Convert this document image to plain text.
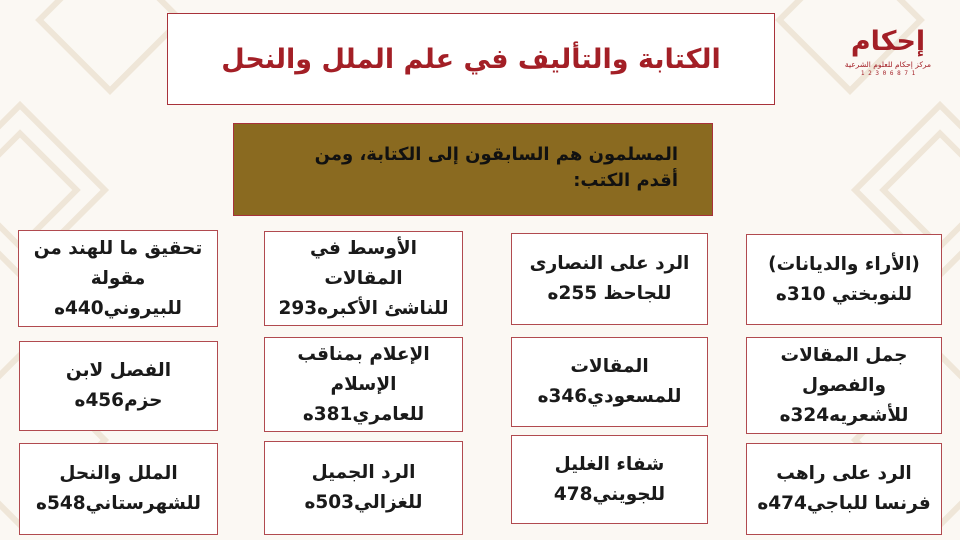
الكتابة والتأليف في علم الملل والنحل
إحكام
مركز إحكام للعلوم الشرعية
1 7 8 6 0 3 2 1
المسلمون هم السابقون إلى الكتابة، ومن أقدم الكتب:
(الأراء والديانات)
للنوبختي 310ه
الرد على النصارى
للجاحظ 255ه
الأوسط في المقالات
للناشئ الأكبره293
تحقيق ما للهند من
مقولة
للبيروني440ه
جمل المقالات
والفصول
للأشعريه324ه
المقالات
للمسعودي346ه
الإعلام بمناقب
الإسلام
للعامري381ه
الفصل لابن
حزم456ه
الرد على راهب
فرنسا للباجي474ه
شفاء الغليل
للجويني478
الرد الجميل
للغزالي503ه
الملل والنحل
للشهرستاني548ه
